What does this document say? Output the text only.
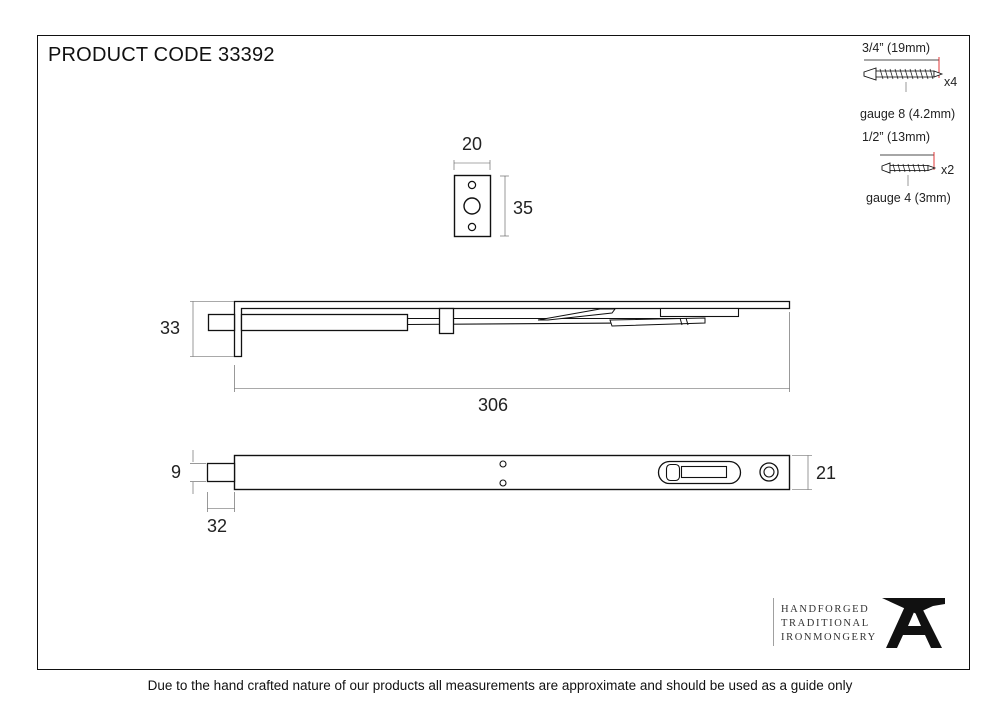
20
35
33
306
9	21
32
3/4” (19mm)
x4
gauge 8 (4.2mm)
1/2” (13mm)
x2
gauge 4 (3mm)
HANDFORGED
TRADITIONAL
IRONMONGERY
PRODUCT CODE 33392
Due to the hand crafted nature of our products all measurements are approximate and should be used as a guide only
